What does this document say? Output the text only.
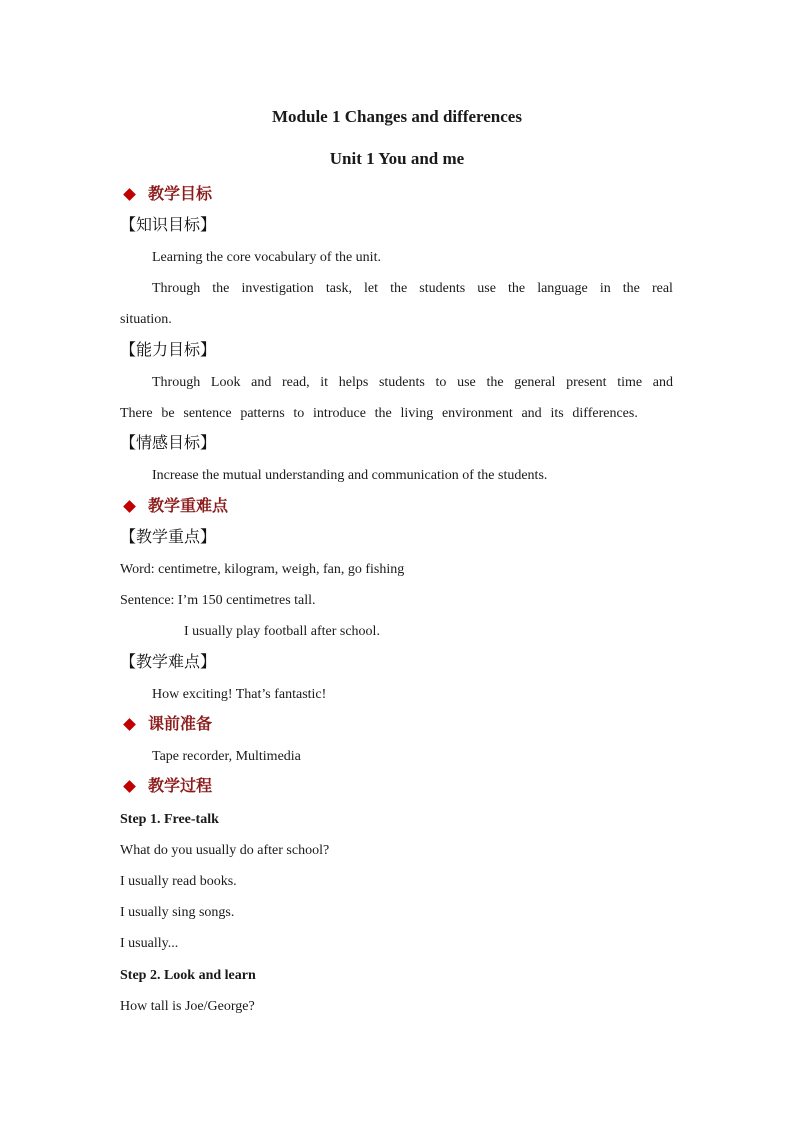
Module 1 Changes and differences
Unit 1 You and me
教学目标
【知识目标】
Learning the core vocabulary of the unit.
Through the investigation task, let the students use the language in the real
situation.
【能力目标】
Through Look and read, it helps students to use the general present time and
There be sentence patterns to introduce the living environment and its differences.
【情感目标】
Increase the mutual understanding and communication of the students.
教学重难点
【教学重点】
Word: centimetre, kilogram, weigh, fan, go fishing
Sentence: I’m 150 centimetres tall.
I usually play football after school.
【教学难点】
How exciting! That’s fantastic!
课前准备
Tape recorder, Multimedia
教学过程
Step 1. Free-talk
What do you usually do after school?
I usually read books.
I usually sing songs.
I usually...
Step 2. Look and learn
How tall is Joe/George?
